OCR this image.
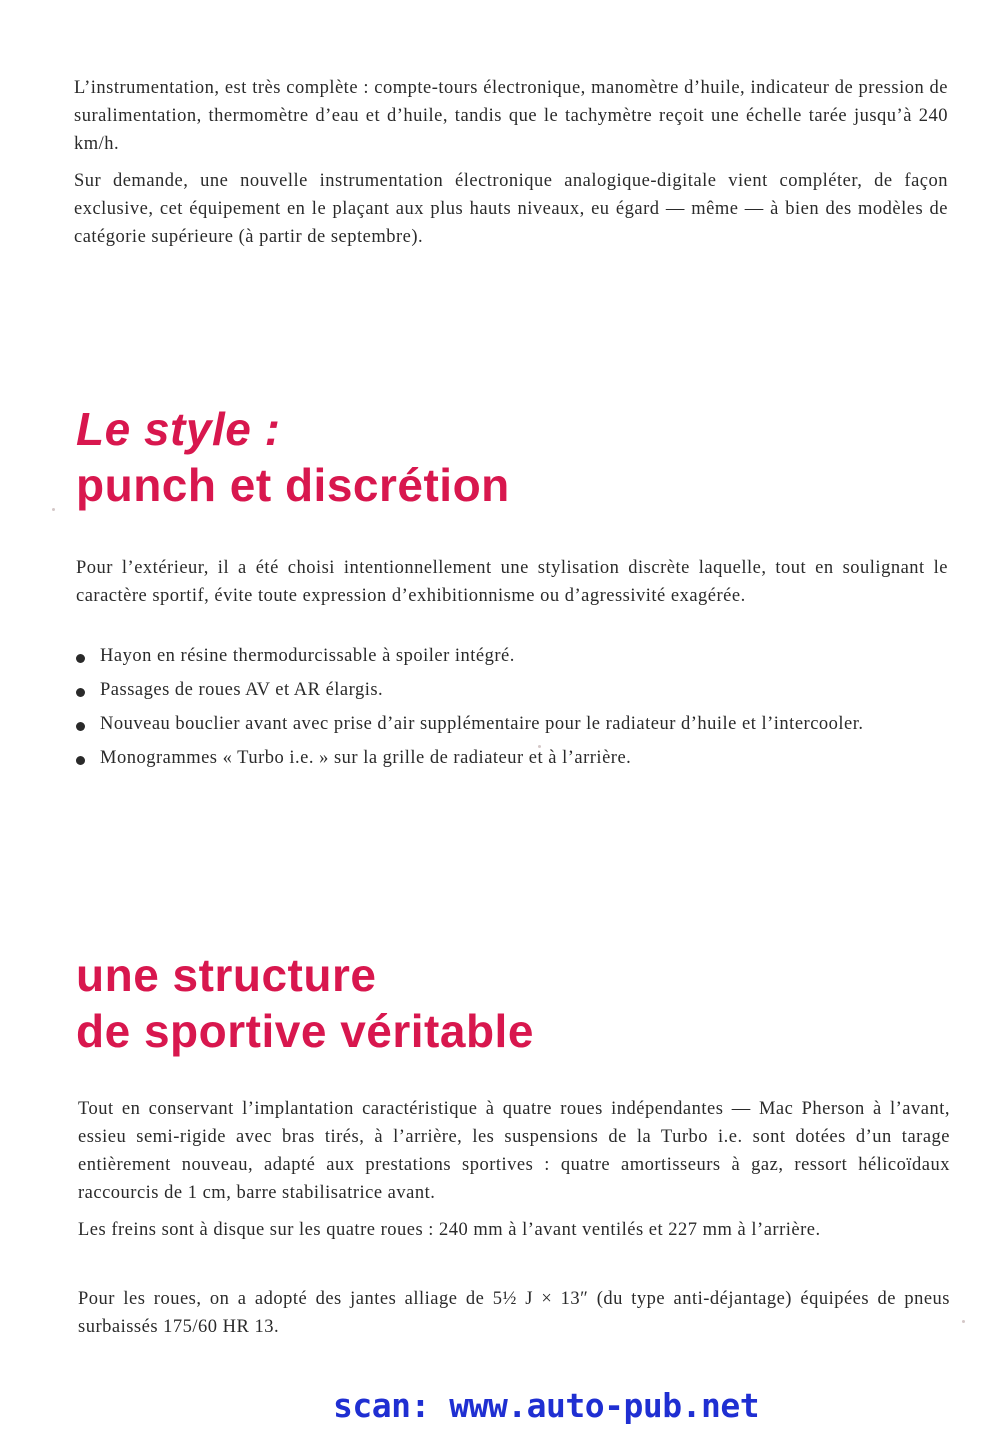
L’instrumentation, est très complète : compte-tours électronique, manomètre d’huile, indicateur de pression de suralimentation, thermomètre d’eau et d’huile, tandis que le tachymètre reçoit une échelle tarée jusqu’à 240 km/h.

Sur demande, une nouvelle instrumentation électronique analogique-digitale vient compléter, de façon exclusive, cet équipement en le plaçant aux plus hauts niveaux, eu égard — même — à bien des modèles de catégorie supérieure (à partir de septembre).

Le style :
punch et discrétion

Pour l’extérieur, il a été choisi intentionnellement une stylisation discrète laquelle, tout en soulignant le caractère sportif, évite toute expression d’exhibitionnisme ou d’agressivité exagérée.

Hayon en résine thermodurcissable à spoiler intégré.
Passages de roues AV et AR élargis.
Nouveau bouclier avant avec prise d’air supplémentaire pour le radiateur d’huile et l’intercooler.
Monogrammes « Turbo i.e. » sur la grille de radiateur et à l’arrière.
une structure
de sportive véritable

Tout en conservant l’implantation caractéristique à quatre roues indépendantes — Mac Pherson à l’avant, essieu semi-rigide avec bras tirés, à l’arrière, les suspensions de la Turbo i.e. sont dotées d’un tarage entièrement nouveau, adapté aux prestations sportives : quatre amortisseurs à gaz, ressort hélicoïdaux raccourcis de 1 cm, barre stabilisatrice avant.

Les freins sont à disque sur les quatre roues : 240 mm à l’avant ventilés et 227 mm à l’arrière.

Pour les roues, on a adopté des jantes alliage de 5½ J × 13″ (du type anti-déjantage) équipées de pneus surbaissés 175/60 HR 13.

scan: www.auto-pub.net
